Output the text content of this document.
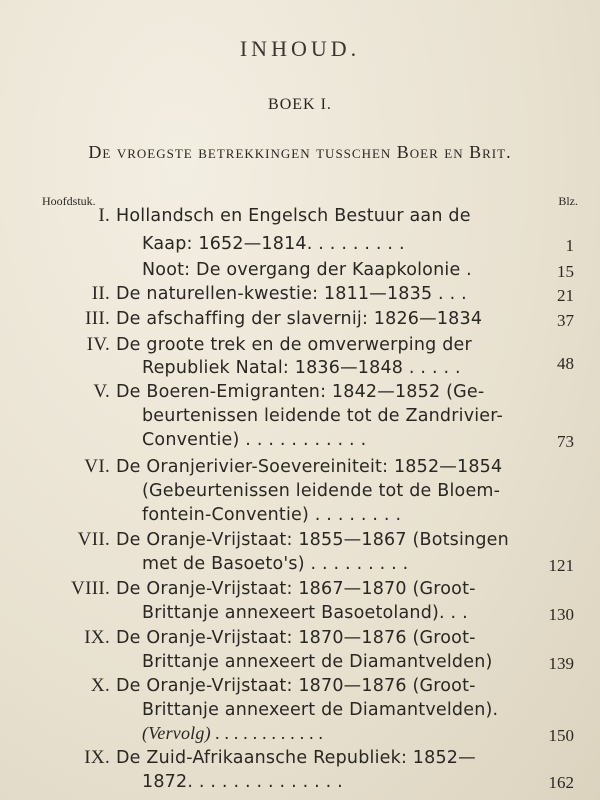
INHOUD.
BOEK I.
De vroegste betrekkingen tusschen Boer en Brit.
Hoofdstuk.	Blz.
I. Hollandsch en Engelsch Bestuur aan de
Kaap: 1652—1814. . . . . . . . .	1
Noot: De overgang der Kaapkolonie .	15
II. De naturellen-kwestie: 1811—1835 . . .	21
III. De afschaffing der slavernij: 1826—1834	37
IV. De groote trek en de omverwerping der
Republiek Natal: 1836—1848 . . . . .	48
V. De Boeren-Emigranten: 1842—1852 (Ge-
beurtenissen leidende tot de Zandrivier-
Conventie) . . . . . . . . . . .	73
VI. De Oranjerivier-Soevereiniteit: 1852—1854
(Gebeurtenissen leidende tot de Bloem-
fontein-Conventie) . . . . . . . .
VII. De Oranje-Vrijstaat: 1855—1867 (Botsingen
met de Basoeto's) . . . . . . . . .	121
VIII. De Oranje-Vrijstaat: 1867—1870 (Groot-
Brittanje annexeert Basoetoland). . .	130
IX. De Oranje-Vrijstaat: 1870—1876 (Groot-
Brittanje annexeert de Diamantvelden)	139
X. De Oranje-Vrijstaat: 1870—1876 (Groot-
Brittanje annexeert de Diamantvelden).
(Vervolg) . . . . . . . . . . . .	150
IX. De Zuid-Afrikaansche Republiek: 1852—
1872. . . . . . . . . . . . . .	162
